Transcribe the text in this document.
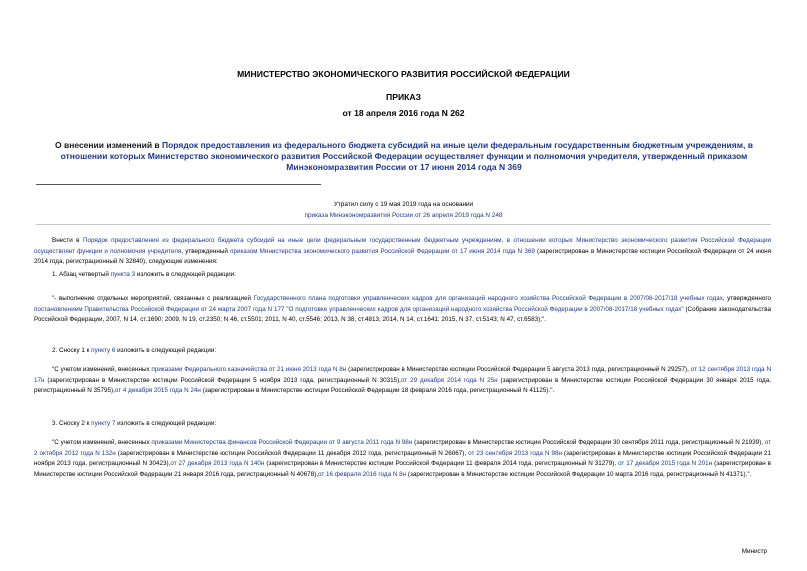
МИНИСТЕРСТВО ЭКОНОМИЧЕСКОГО РАЗВИТИЯ РОССИЙСКОЙ ФЕДЕРАЦИИ
ПРИКАЗ
от 18 апреля 2016 года N 262
О внесении изменений в Порядок предоставления из федерального бюджета субсидий на иные цели федеральным государственным бюджетным учреждениям, в отношении которых Министерство экономического развития Российской Федерации осуществляет функции и полномочия учредителя, утвержденный приказом Минэкономразвития России от 17 июня 2014 года N 369
Утратил силу с 19 мая 2019 года на основании
приказа Минэкономразвития России от 26 апреля 2019 года N 248
Внести в Порядок предоставления из федерального бюджета субсидий на иные цели федеральным государственным бюджетным учреждениям, в отношении которых Министерство экономического развития Российской Федерации осуществляет функции и полномочия учредителя, утвержденный приказом Министерства экономического развития Российской Федерации от 17 июня 2014 года N 369 (зарегистрирован в Министерстве юстиции Российской Федерации от 24 июня 2014 года, регистрационный N 32840), следующие изменения:
1. Абзац четвертый пункта 3 изложить в следующей редакции:
"- выполнение отдельных мероприятий, связанных с реализацией Государственного плана подготовки управленческих кадров для организаций народного хозяйства Российской Федерации в 2007/08-2017/18 учебных годах, утвержденного постановлением Правительства Российской Федерации от 24 марта 2007 года N 177 "О подготовке управленческих кадров для организаций народного хозяйства Российской Федерации в 2007/08-2017/18 учебных годах" (Собрание законодательства Российской Федерации, 2007, N 14, ст.1690; 2009, N 19, ст.2350; N 46, ст.5501; 2011, N 40, ст.5546; 2013, N 38, ст.4813; 2014, N 14, ст.1641; 2015, N 37, ст.5143; N 47, ст.6583);".
2. Сноску 1 к пункту 6 изложить в следующей редакции:
"С учетом изменений, внесенных приказами Федерального казначейства от 21 июня 2013 года N 8н (зарегистрирован в Министерстве юстиции Российской Федерации 5 августа 2013 года, регистрационный N 29257), от 12 сентября 2013 года N 17н (зарегистрирован в Министерстве юстиции Российской Федерации 5 ноября 2013 года, регистрационный N 30315),от 29 декабря 2014 года N 25н (зарегистрирован в Министерстве юстиции Российской Федерации 30 января 2015 года, регистрационный N 35795),от 4 декабря 2015 года N 24н (зарегистрирован в Министерстве юстиции Российской Федерации 18 февраля 2016 года, регистрационный N 41125).".
3. Сноску 2 к пункту 7 изложить в следующей редакции:
"С учетом изменений, внесенных приказами Министерства финансов Российской Федерации от 9 августа 2011 года N 98н (зарегистрирован в Министерстве юстиции Российской Федерации 30 сентября 2011 года, регистрационный N 21939), от 2 октября 2012 года N 132н (зарегистрирован в Министерстве юстиции Российской Федерации 11 декабря 2012 года, регистрационный N 26067), от 23 сентября 2013 года N 98н (зарегистрирован в Министерстве юстиции Российской Федерации 21 ноября 2013 года, регистрационный N 30423),от 27 декабря 2013 года N 140н (зарегистрирован в Министерстве юстиции Российской Федерации 11 февраля 2014 года, регистрационный N 31279), от 17 декабря 2015 года N 201н (зарегистрирован в Министерстве юстиции Российской Федерации 21 января 2016 года, регистрационный N 40678),от 16 февраля 2016 года N 8н (зарегистрирован в Министерстве юстиции Российской Федерации 10 марта 2016 года, регистрационный N 41371).".
Министр
